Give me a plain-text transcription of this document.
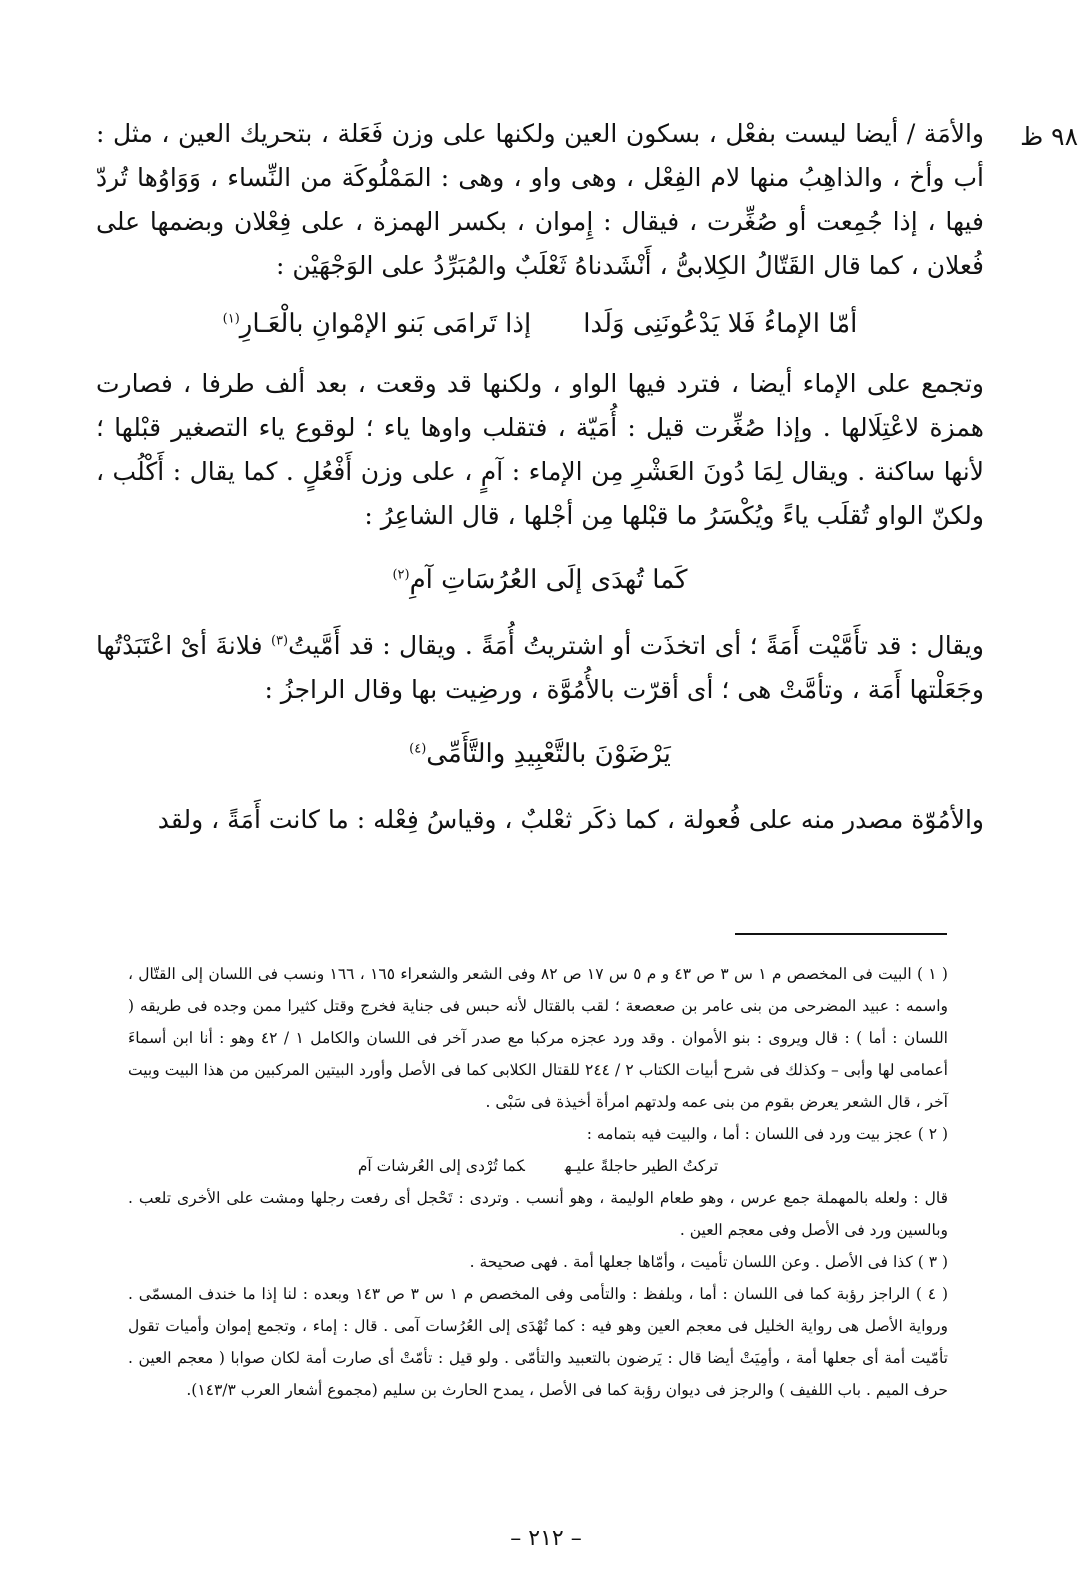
٩٨ ظ

والأمَة / أيضا ليست بفعْل ، بسكون العين ولكنها على وزن فَعَلة ، بتحريك العين ، مثل : أب وأخ ، والذاهِبُ منها لام الفِعْل ، وهى واو ، وهى : المَمْلُوكَة من النِّساء ، وَوَاوُها تُردّ فيها ، إذا جُمِعت أو صُغِّرت ، فيقال : إِموان ، بكسر الهمزة ، على فِعْلان وبضمها على فُعلان ، كما قال القَتّالُ الكِلابىُّ ، أَنْشَدناهُ ثَعْلَبٌ والمُبَرِّدُ على الوَجْهَيْن :

أمّا الإماءُ فَلا يَدْعُونَنِى وَلَداإذا تَرامَى بَنو الإمْوانِ بالْعَـارِ$^{(١)}$

وتجمع على الإماء أيضا ، فترد فيها الواو ، ولكنها قد وقعت ، بعد ألف طرفا ، فصارت همزة لاعْتِلَالها . وإذا صُغِّرت قيل : أُمَيّة ، فتقلب واوها ياء ؛ لوقوع ياء التصغير قبْلها ؛ لأنها ساكنة . ويقال لِمَا دُونَ العَشْرِ مِن الإماء : آمٍ ، على وزن أَفْعُلٍ . كما يقال : أَكْلُب ، ولكنّ الواو تُقلَب ياءً ويُكْسَرُ ما قبْلها مِن أجْلها ، قال الشاعِرُ :

كَما تُهدَى إلَى العُرُسَاتِ آمِ$^{(٢)}$

ويقال : قد تأَمَّيْت أَمَةً ؛ أى اتخذَت أو اشتريتُ أُمَةً . ويقال : قد أَمَّيتُ$^{(٣)}$ فلانةَ أىْ اعْتَبَدْتُها وجَعَلْتها أَمَة ، وتأمَّتْ هى ؛ أى أقرّت بالأُمُوَّة ، ورضِيت بها وقال الراجزُ :

يَرْضَوْنَ بالتَّعْبِيدِ والتَّأَمِّى$^{(٤)}$

والأمُوّة مصدر منه على فُعولة ، كما ذكَر ثعْلبٌ ، وقياسُ فِعْله : ما كانت أَمَةً ، ولقد

( ١ ) البيت فى المخصص م ١ س ٣ ص ٤٣ و م ٥ س ١٧ ص ٨٢ وفى الشعر والشعراء ١٦٥ ، ١٦٦ ونسب فى اللسان إلى القتّال ، واسمه : عبيد المضرحى من بنى عامر بن صعصعة ؛ لقب بالقتال لأنه حبس فى جناية فخرج وقتل كثيرا ممن وجده فى طريقه ( اللسان : أما ) : قال ويروى : بنو الأموان . وقد ورد عجزه مركبا مع صدر آخر فى اللسان والكامل ١ / ٤٢ وهو : أنا ابن أسماءَ أعمامى لها وأبى – وكذلك فى شرح أبيات الكتاب ٢ / ٢٤٤ للقتال الكلابى كما فى الأصل وأورد البيتين المركبين من هذا البيت وبيت آخر ، قال الشعر يعرض بقوم من بنى عمه ولدتهم امرأة أخيذة فى سَبْى .

( ٢ ) عجز بيت ورد فى اللسان : أما ، والبيت فيه بتمامه :

تركتُ الطير حاجلةً عليـهكما تُرْدى إلى العُرشات آم

قال : ولعله بالمهملة جمع عرس ، وهو طعام الوليمة ، وهو أنسب . وتردى : تَحْجل أى رفعت رجلها ومشت على الأخرى تلعب . وبالسين ورد فى الأصل وفى معجم العين .

( ٣ ) كذا فى الأصل . وعن اللسان تأميت ، وأمّاها جعلها أمة . فهى صحيحة .

( ٤ ) الراجز رؤبة كما فى اللسان : أما ، وبلفظ : والتأمى وفى المخصص م ١ س ٣ ص ١٤٣ وبعده : لنا إذا ما خندف المسمّى . ورواية الأصل هى رواية الخليل فى معجم العين وهو فيه : كما تُهْدَى إلى العُرُسات آمى . قال : إماء ، وتجمع إموان وأميات تقول تأمّيت أمة أى جعلها أمة ، وأمِيَتْ أيضا قال : يَرضون بالتعبيد والتأمّى . ولو قيل : تأمّتْ أى صارت أمة لكان صوابا ( معجم العين . حرف الميم . باب اللفيف ) والرجز فى ديوان رؤبة كما فى الأصل ، يمدح الحارث بن سليم (مجموع أشعار العرب ١٤٣/٣).

– ٢١٢ –
